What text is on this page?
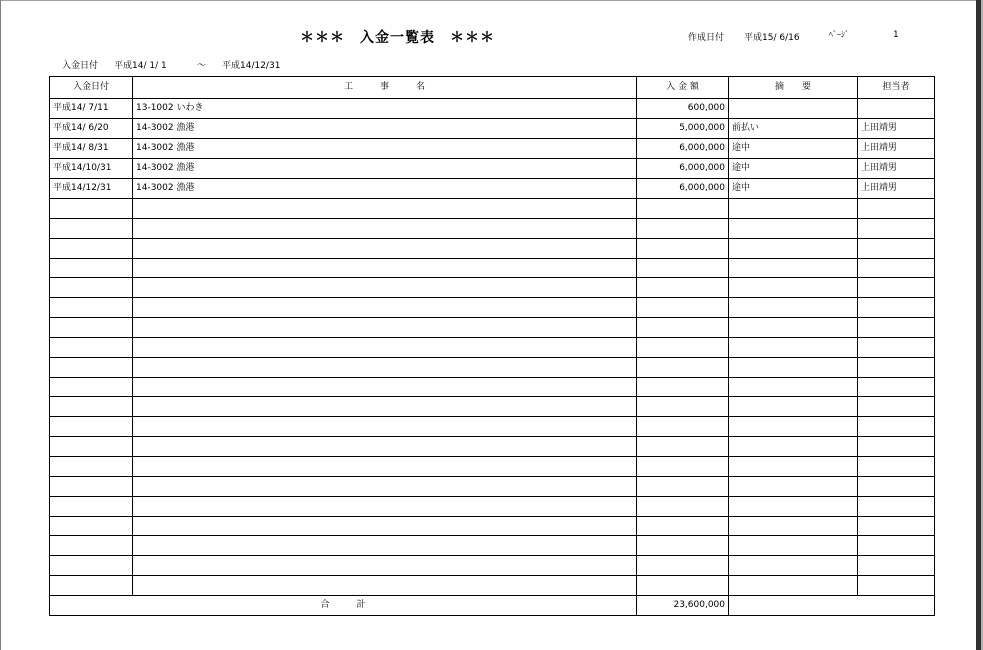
＊＊＊　入金一覧表　＊＊＊	作成日付 平成15/ 6/16	ﾍﾟｰｼﾞ	1
入金日付 平成14/ 1/ 1	〜 平成14/12/31
入金日付	工　　　事　　　名	入 金 額	摘　　要	担当者
平成14/ 7/11	13-1002 いわき	600,000		
平成14/ 6/20	14-3002 漁港	5,000,000	前払い	上田靖男
平成14/ 8/31	14-3002 漁港	6,000,000	途中	上田靖男
平成14/10/31	14-3002 漁港	6,000,000	途中	上田靖男
平成14/12/31	14-3002 漁港	6,000,000	途中	上田靖男

合　　　計		23,600,000		
